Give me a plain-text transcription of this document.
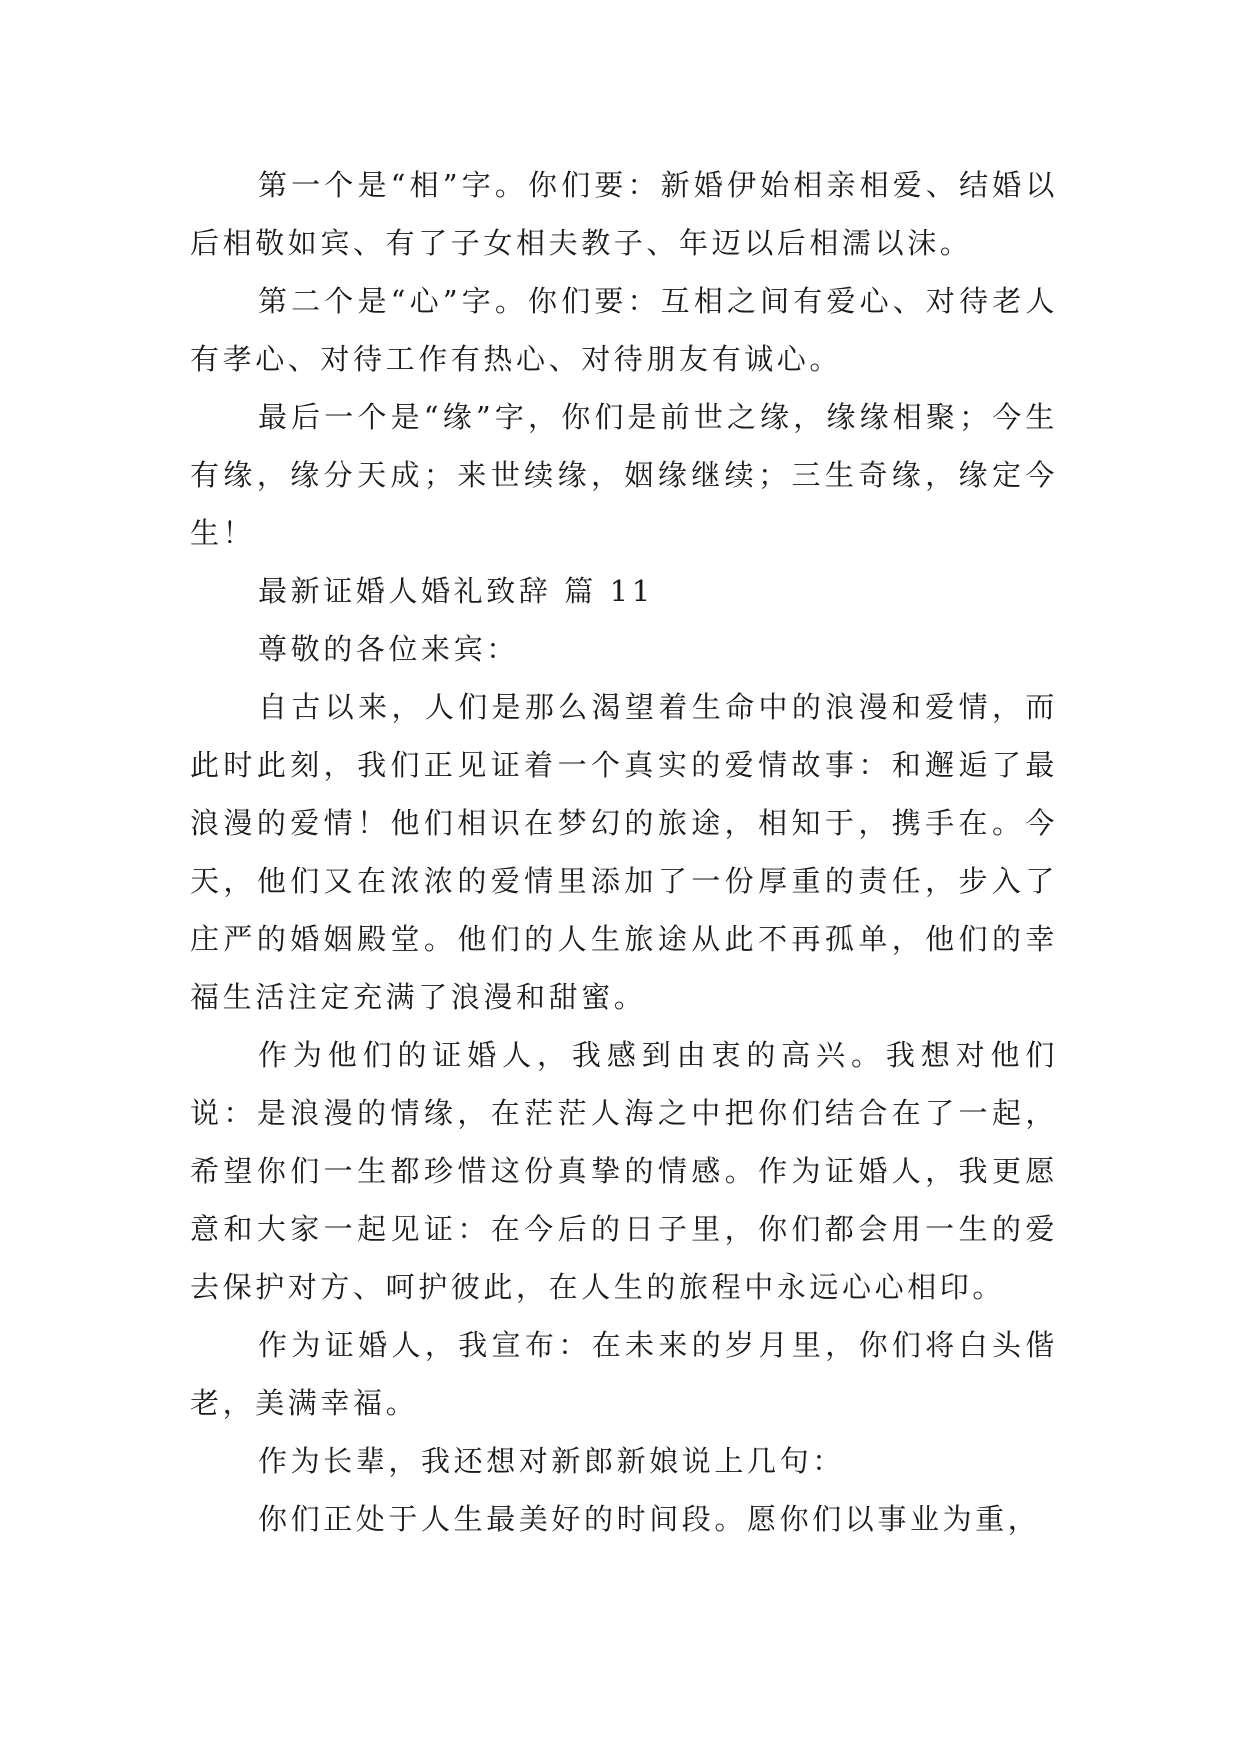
第一个是“相”字。你们要：新婚伊始相亲相爱、结婚以后相敬如宾、有了子女相夫教子、年迈以后相濡以沫。

第二个是“心”字。你们要：互相之间有爱心、对待老人有孝心、对待工作有热心、对待朋友有诚心。

最后一个是“缘”字，你们是前世之缘，缘缘相聚；今生有缘，缘分天成；来世续缘，姻缘继续；三生奇缘，缘定今生！

最新证婚人婚礼致辞 篇 11

尊敬的各位来宾：

自古以来，人们是那么渴望着生命中的浪漫和爱情，而此时此刻，我们正见证着一个真实的爱情故事：和邂逅了最浪漫的爱情！他们相识在梦幻的旅途，相知于，携手在。今天，他们又在浓浓的爱情里添加了一份厚重的责任，步入了庄严的婚姻殿堂。他们的人生旅途从此不再孤单，他们的幸福生活注定充满了浪漫和甜蜜。

作为他们的证婚人，我感到由衷的高兴。我想对他们说：是浪漫的情缘，在茫茫人海之中把你们结合在了一起，希望你们一生都珍惜这份真挚的情感。作为证婚人，我更愿意和大家一起见证：在今后的日子里，你们都会用一生的爱去保护对方、呵护彼此，在人生的旅程中永远心心相印。

作为证婚人，我宣布：在未来的岁月里，你们将白头偕老，美满幸福。

作为长辈，我还想对新郎新娘说上几句：

你们正处于人生最美好的时间段。愿你们以事业为重，
